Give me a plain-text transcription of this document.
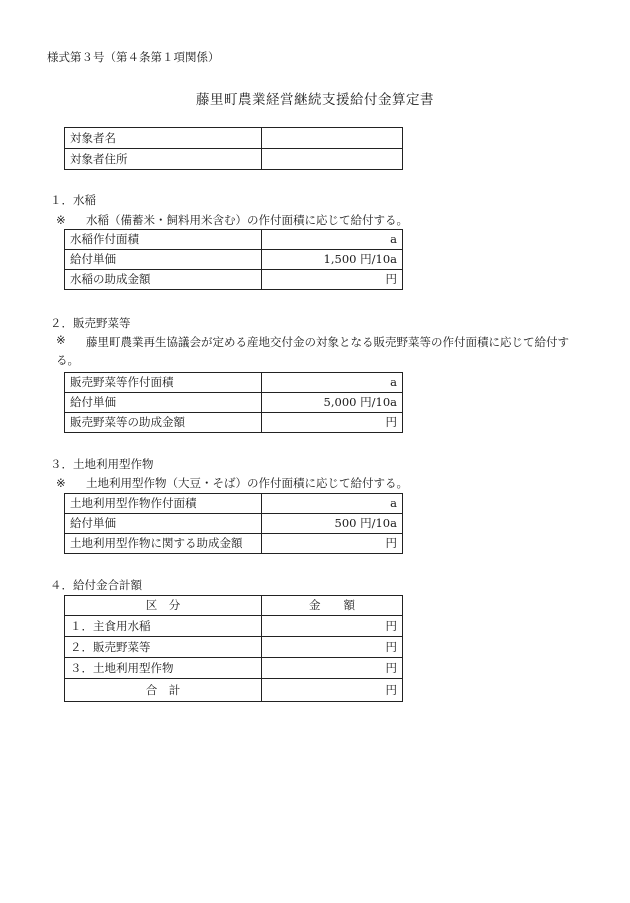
様式第３号（第４条第１項関係）
藤里町農業経営継続支援給付金算定書
対象者名	
対象者住所	
１．水稲
※	水稲（備蓄米・飼料用米含む）の作付面積に応じて給付する。
水稲作付面積	a
給付単価	1,500 円/10a
水稲の助成金額	円
２．販売野菜等
※	藤里町農業再生協議会が定める産地交付金の対象となる販売野菜等の作付面積に応じて給付する。
販売野菜等作付面積	a
給付単価	5,000 円/10a
販売野菜等の助成金額	円
３．土地利用型作物
※	土地利用型作物（大豆・そば）の作付面積に応じて給付する。
土地利用型作物作付面積	a
給付単価	500 円/10a
土地利用型作物に関する助成金額	円
４．給付金合計額
区　分	金　　額
１．主食用水稲	円
２．販売野菜等	円
３．土地利用型作物	円
合　計	円
